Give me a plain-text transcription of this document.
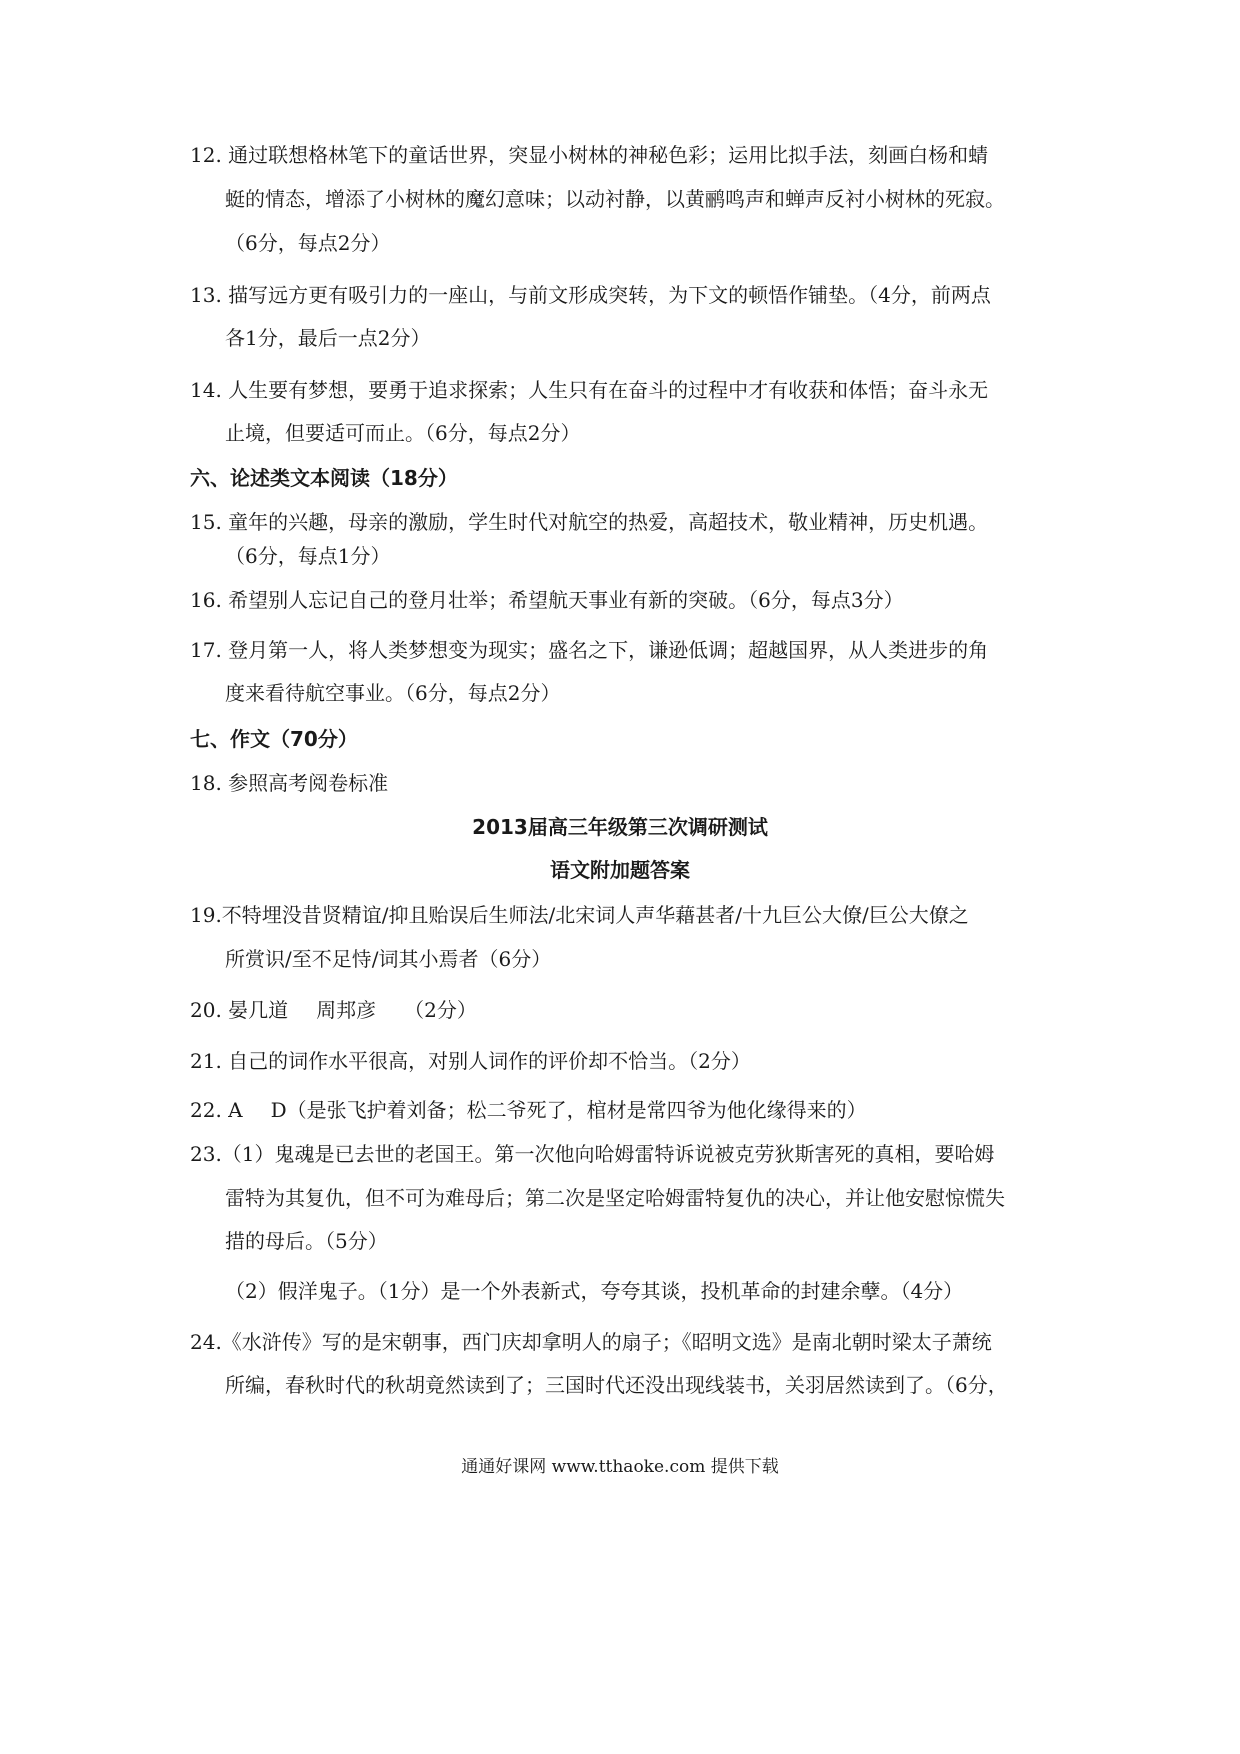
12. 通过联想格林笔下的童话世界，突显小树林的神秘色彩；运用比拟手法，刻画白杨和蜻
蜓的情态，增添了小树林的魔幻意味；以动衬静，以黄鹂鸣声和蝉声反衬小树林的死寂。
（6分，每点2分）
13. 描写远方更有吸引力的一座山，与前文形成突转，为下文的顿悟作铺垫。（4分，前两点
各1分，最后一点2分）
14. 人生要有梦想，要勇于追求探索；人生只有在奋斗的过程中才有收获和体悟；奋斗永无
止境，但要适可而止。（6分，每点2分）
六、论述类文本阅读（18分）
15. 童年的兴趣，母亲的激励，学生时代对航空的热爱，高超技术，敬业精神，历史机遇。
（6分，每点1分）
16. 希望别人忘记自己的登月壮举；希望航天事业有新的突破。（6分，每点3分）
17. 登月第一人，将人类梦想变为现实；盛名之下，谦逊低调；超越国界，从人类进步的角
度来看待航空事业。（6分，每点2分）
七、作文（70分）
18. 参照高考阅卷标准
2013届高三年级第三次调研测试
语文附加题答案
19.不特埋没昔贤精谊/抑且贻误后生师法/北宋词人声华藉甚者/十九巨公大僚/巨公大僚之
所赏识/至不足恃/词其小焉者（6分）
20. 晏几道 周邦彦 （2分）
21. 自己的词作水平很高，对别人词作的评价却不恰当。（2分）
22. A D（是张飞护着刘备；松二爷死了，棺材是常四爷为他化缘得来的）
23.（1）鬼魂是已去世的老国王。第一次他向哈姆雷特诉说被克劳狄斯害死的真相，要哈姆
雷特为其复仇，但不可为难母后；第二次是坚定哈姆雷特复仇的决心，并让他安慰惊慌失
措的母后。（5分）
（2）假洋鬼子。（1分）是一个外表新式，夸夸其谈，投机革命的封建余孽。（4分）
24.《水浒传》写的是宋朝事，西门庆却拿明人的扇子；《昭明文选》是南北朝时梁太子萧统
所编，春秋时代的秋胡竟然读到了；三国时代还没出现线装书，关羽居然读到了。（6分，
通通好课网 www.tthaoke.com 提供下载
